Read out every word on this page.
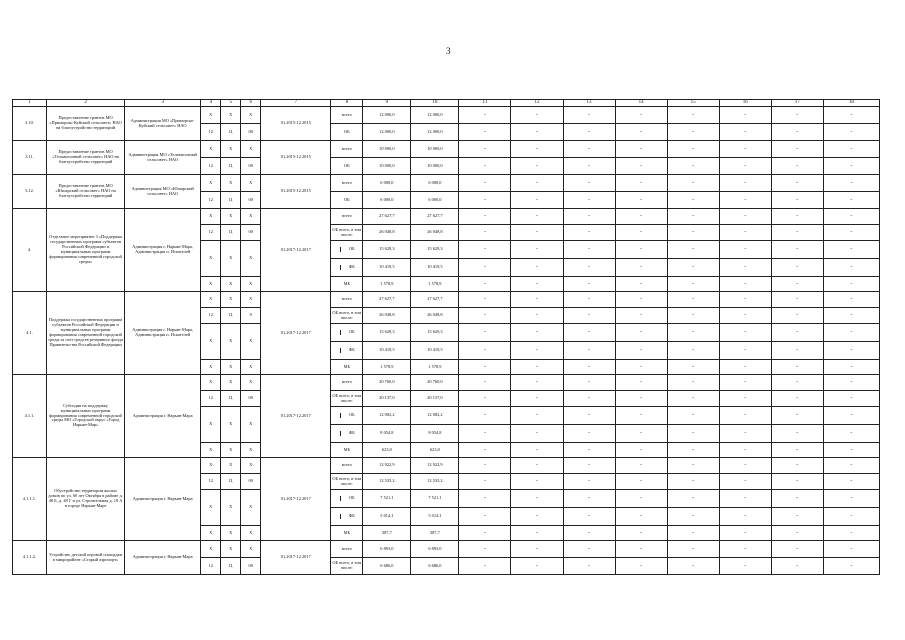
3
1	2	3	4	5	6	7	8	9	10	11	12	13	14	15	16	17	18
3.10.	Предоставление грантов МО «Приморско-Куйский сельсовет» НАО на благоустройство территорий	Администрация МО «Приморско-Куйский сельсовет» НАО	Х	Х	Х	01.2015-12.2015	всего	12 000,0	12 000,0	-	-	-	-	-	-	-	-
			12	Ц	00		ОБ	12 000,0	12 000,0	-	-	-	-	-	-	-	-
3.11.	Предоставление грантов МО «Тельвисочный сельсовет» НАО на благоустройство территорий	Администрация МО «Тельвисочный сельсовет» НАО	Х	Х	Х	01.2015-12.2015	всего	10 000,0	10 000,0	-	-	-	-	-	-	-	-
			12	Ц	00		ОБ	10 000,0	10 000,0	-	-	-	-	-	-	-	-
3.12.	Предоставление грантов МО «Юшарский сельсовет» НАО на благоустройство территорий	Администрация МО «Юшарский сельсовет» НАО	Х	Х	Х	01.2015-12.2015	всего	6 000,0	6 000,0	-	-	-	-	-	-	-	-
			12	Ц	00		ОБ	6 000,0	6 000,0	-	-	-	-	-	-	-	-
4.	Отдельное мероприятие 3 «Поддержка государственных программ субъектов Российской Федерации и муниципальных программ формирования современной городской среды»	Администрация г. Нарьян-Мара, Администрация п. Искателей	Х	Х	Х	01.2017-12.2017	всего	27 627,7	27 627,7	-	-	-	-	-	-	-	-
			12	Ц	00		ОБ всего, в том числе:	26 048,8	26 048,8	-	-	-	-	-	-	-	-
			Х	Х	Х		ОБ	15 629,3	15 629,3	-	-	-	-	-	-	-	-

							ФБ	10 419,5	10 419,5	-	-	-	-	-	-	-	-
			Х	Х	Х		МБ	1 578,9	1 578,9	-	-	-	-	-	-	-	-
4.1.	Поддержка государственных программ субъектов Российской Федерации и муниципальных программ формирования современной городской среды за счет средств резервного фонда Правительства Российской Федерации	Администрация г. Нарьян-Мара, Администрация п. Искателей	Х	Х	Х	01.2017-12.2017	всего	27 627,7	27 627,7	-	-	-	-	-	-	-	-
			12	Ц	0		ОБ всего, в том числе:	26 048,8	26 048,8	-	-	-	-	-	-	-	-
			Х	Х	Х		ОБ	15 629,3	15 629,3	-	-	-	-	-	-	-	-

							ФБ	10 419,5	10 419,5	-	-	-	-	-	-	-	-
			Х	Х	Х		МБ	1 578,9	1 578,9	-	-	-	-	-	-	-	-
4.1.1.	Субсидия на поддержку муниципальных программ формирования современной городской среды МО «Городской округ «Город Нарьян-Мар»	Администрация г. Нарьян-Мара	Х	Х	Х	01.2017-12.2017	всего	20 760,0	20 760,0	-	-	-	-	-	-	-	-
			12	Ц	00		ОБ всего, в том числе:	20 137,0	20 137,0	-	-	-	-	-	-	-	-
			Х	Х	Х		ОБ	12 082,2	12 082,2	-	-	-	-	-	-	-	-

							ФБ	8 054,8	8 054,8	-	-	-	-	-	-	-	-
			Х	Х	Х		МБ	623,0	623,0	-	-	-	-	-	-	-	-
4.1.1.1.	Обустройство территории жилых домов по ул. 60 лет Октября в районе д. 48 Б, д. 48 Г и ул. Строительная д. 10 А в городе Нарьян-Маре	Администрация г. Нарьян-Мара	Х	Х	Х	01.2017-12.2017	всего	12 922,9	12 922,9	-	-	-	-	-	-	-	-
			12	Ц	00		ОБ всего, в том числе:	12 535,2	12 535,2	-	-	-	-	-	-	-	-
			Х	Х	Х		ОБ	7 521,1	7 521,1	-	-	-	-	-	-	-	-

							ФБ	5 014,1	5 014,1	-	-	-	-	-	-	-	-
			Х	Х	Х		МБ	387,7	387,7	-	-	-	-	-	-	-	-
4.1.1.2.	Устройство детской игровой площадки в микрорайоне «Старый аэропорт»	Администрация г. Нарьян-Мара	Х	Х	Х	01.2017-12.2017	всего	6 893,0	6 893,0	-	-	-	-	-	-	-	-
			12	Ц	00		ОБ всего, в том числе:	6 686,0	6 686,0	-	-	-	-	-	-	-	-
